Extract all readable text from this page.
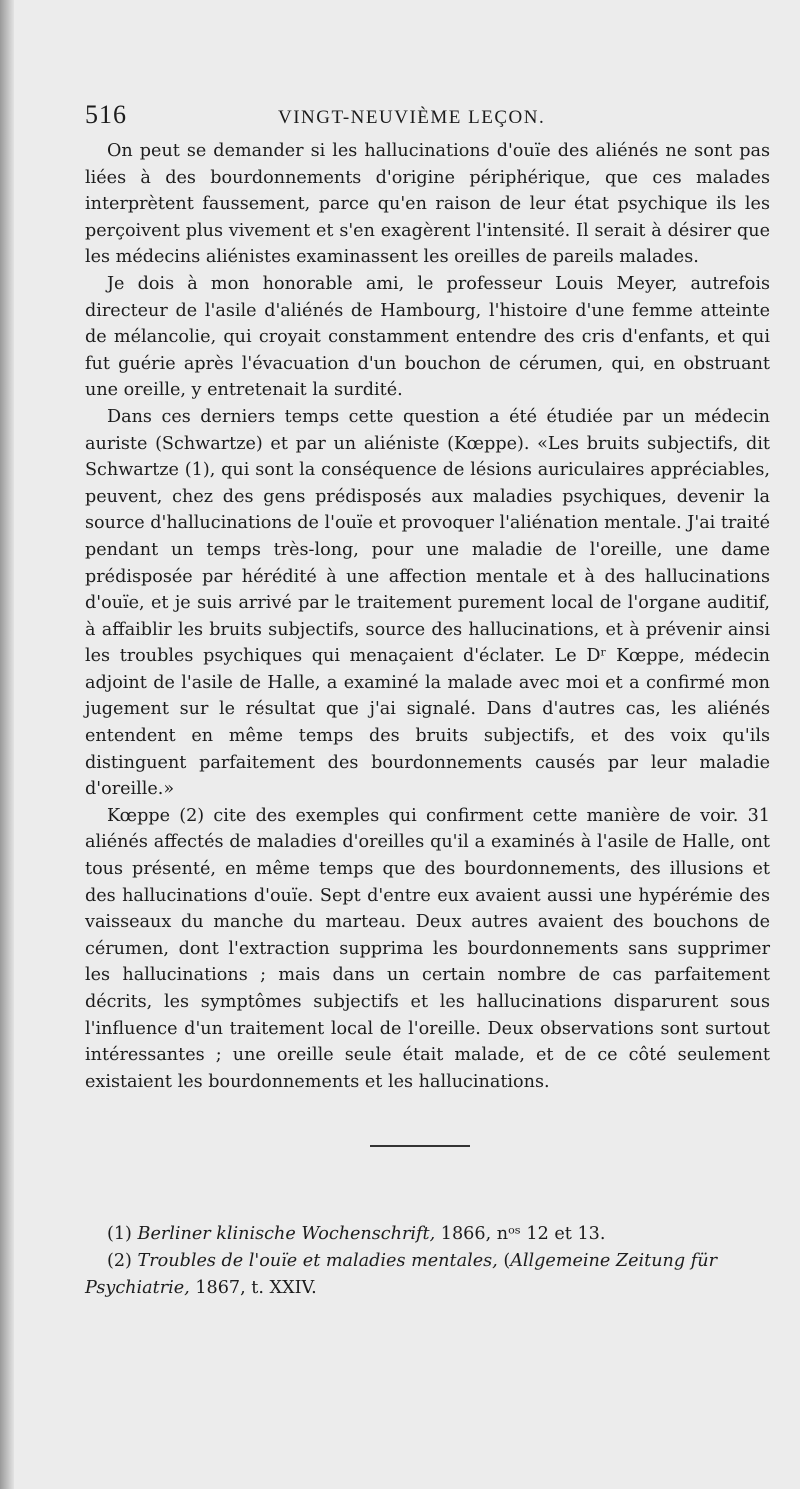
516	VINGT-NEUVIÈME LEÇON.

On peut se demander si les hallucinations d'ouïe des aliénés ne sont pas liées à des bourdonnements d'origine périphérique, que ces malades interprètent faussement, parce qu'en raison de leur état psychique ils les perçoivent plus vivement et s'en exagèrent l'intensité. Il serait à désirer que les médecins aliénistes examinassent les oreilles de pareils malades.

Je dois à mon honorable ami, le professeur Louis Meyer, autrefois directeur de l'asile d'aliénés de Hambourg, l'histoire d'une femme atteinte de mélancolie, qui croyait constamment entendre des cris d'enfants, et qui fut guérie après l'évacuation d'un bouchon de cérumen, qui, en obstruant une oreille, y entretenait la surdité.

Dans ces derniers temps cette question a été étudiée par un médecin auriste (Schwartze) et par un aliéniste (Kœppe). «Les bruits subjectifs, dit Schwartze (1), qui sont la conséquence de lésions auriculaires appréciables, peuvent, chez des gens prédisposés aux maladies psychiques, devenir la source d'hallucinations de l'ouïe et provoquer l'aliénation mentale. J'ai traité pendant un temps très-long, pour une maladie de l'oreille, une dame prédisposée par hérédité à une affection mentale et à des hallucinations d'ouïe, et je suis arrivé par le traitement purement local de l'organe auditif, à affaiblir les bruits subjectifs, source des hallucinations, et à prévenir ainsi les troubles psychiques qui menaçaient d'éclater. Le Dʳ Kœppe, médecin adjoint de l'asile de Halle, a examiné la malade avec moi et a confirmé mon jugement sur le résultat que j'ai signalé. Dans d'autres cas, les aliénés entendent en même temps des bruits subjectifs, et des voix qu'ils distinguent parfaitement des bourdonnements causés par leur maladie d'oreille.»

Kœppe (2) cite des exemples qui confirment cette manière de voir. 31 aliénés affectés de maladies d'oreilles qu'il a examinés à l'asile de Halle, ont tous présenté, en même temps que des bourdonnements, des illusions et des hallucinations d'ouïe. Sept d'entre eux avaient aussi une hypérémie des vaisseaux du manche du marteau. Deux autres avaient des bouchons de cérumen, dont l'extraction supprima les bourdonnements sans supprimer les hallucinations ; mais dans un certain nombre de cas parfaitement décrits, les symptômes subjectifs et les hallucinations disparurent sous l'influence d'un traitement local de l'oreille. Deux observations sont surtout intéressantes ; une oreille seule était malade, et de ce côté seulement existaient les bourdonnements et les hallucinations.

(1) Berliner klinische Wochenschrift, 1866, nᵒˢ 12 et 13.

(2) Troubles de l'ouïe et maladies mentales, (Allgemeine Zeitung für Psychiatrie, 1867, t. XXIV.
